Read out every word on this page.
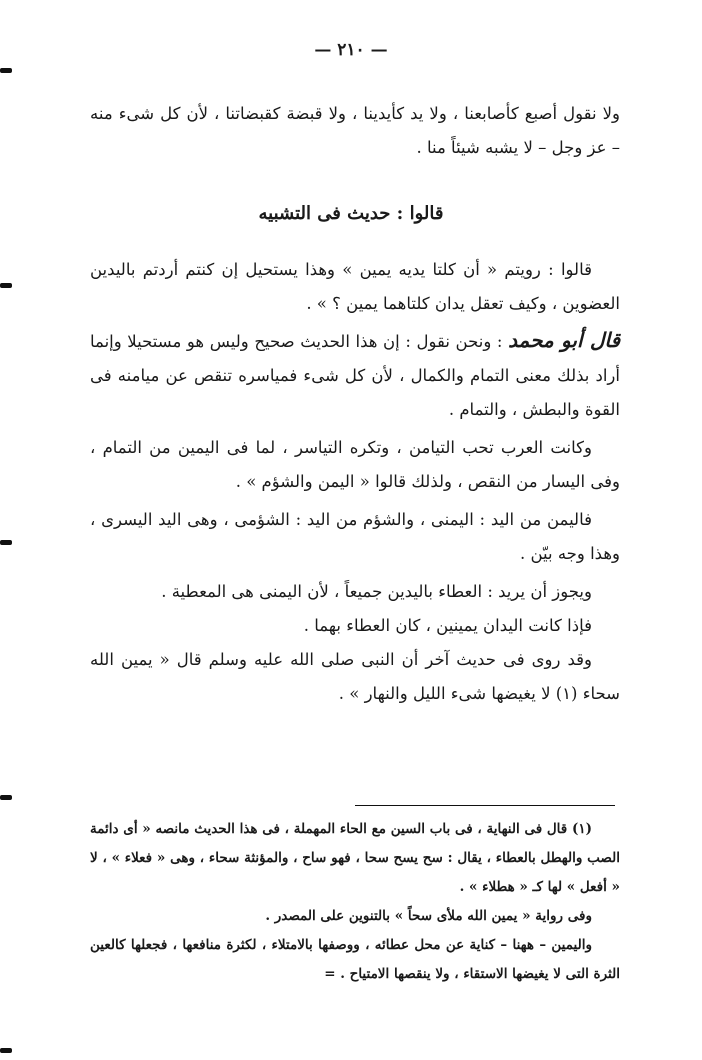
— ٢١٠ —

ولا نقول أصبع كأصابعنا ، ولا يد كأيدينا ، ولا قبضة كقبضاتنا ، لأن كل شىء منه – عز وجل – لا يشبه شيئاً منا .

قالوا : حديث فى التشبيه

قالوا : رويتم « أن كلتا يديه يمين » وهذا يستحيل إن كنتم أردتم باليدين العضوين ، وكيف تعقل يدان كلتاهما يمين ؟ » .

قال أبو محمد : ونحن نقول : إن هذا الحديث صحيح وليس هو مستحيلا وإنما أراد بذلك معنى التمام والكمال ، لأن كل شىء فمياسره تنقص عن ميامنه فى القوة والبطش ، والتمام .

وكانت العرب تحب التيامن ، وتكره التياسر ، لما فى اليمين من التمام ، وفى اليسار من النقص ، ولذلك قالوا « اليمن والشؤم » .

فاليمن من اليد : اليمنى ، والشؤم من اليد : الشؤمى ، وهى اليد اليسرى ، وهذا وجه بيّن .

ويجوز أن يريد : العطاء باليدين جميعاً ، لأن اليمنى هى المعطية .

فإذا كانت اليدان يمينين ، كان العطاء بهما .

وقد روى فى حديث آخر أن النبى صلى الله عليه وسلم قال « يمين الله سحاء (١) لا يغيضها شىء الليل والنهار » .

(١) قال فى النهاية ، فى باب السين مع الحاء المهملة ، فى هذا الحديث مانصه « أى دائمة الصب والهطل بالعطاء ، يقال : سح يسح سحا ، فهو ساح ، والمؤنثة سحاء ، وهى « فعلاء » ، لا « أفعل » لها كـ « هطلاء » .

وفى رواية « يمين الله ملأى سحاً » بالتنوين على المصدر .

واليمين – ههنا – كناية عن محل عطائه ، ووصفها بالامتلاء ، لكثرة منافعها ، فجعلها كالعين الثرة التى لا يغيضها الاستقاء ، ولا ينقصها الامتياح . =
